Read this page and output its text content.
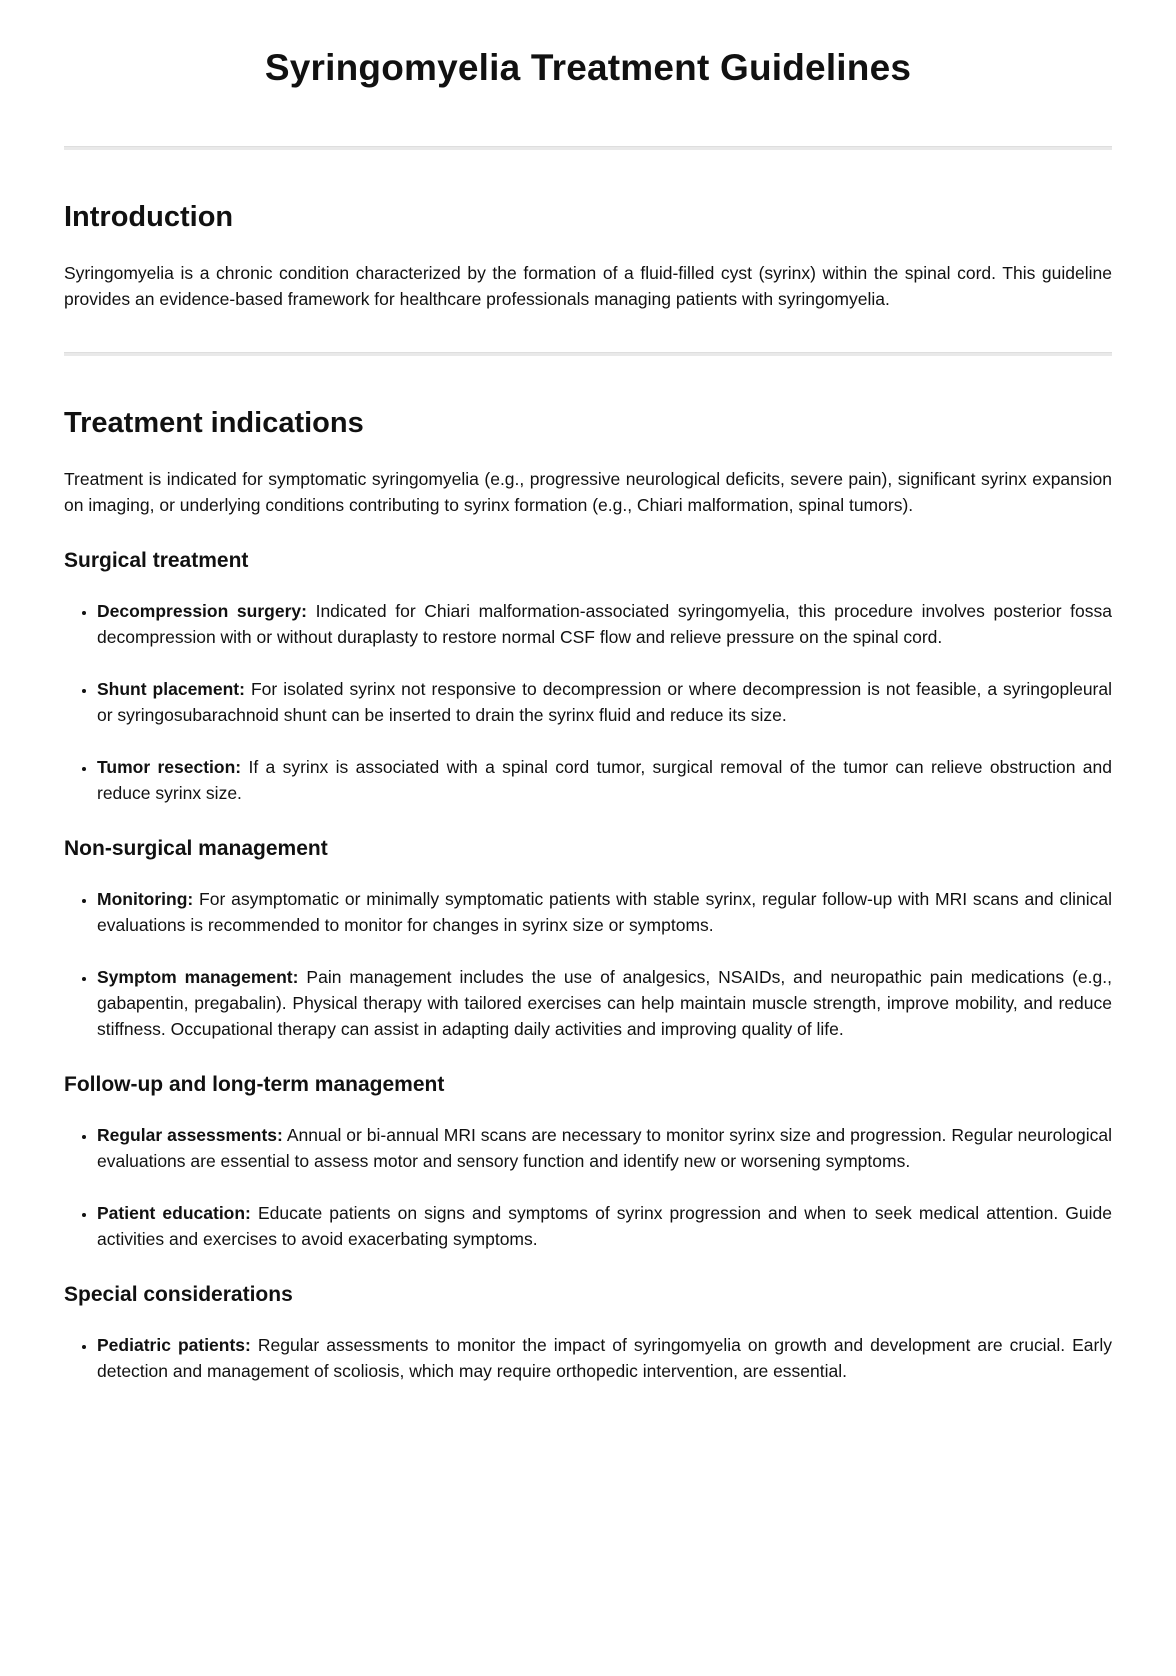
Syringomyelia Treatment Guidelines
Introduction

Syringomyelia is a chronic condition characterized by the formation of a fluid-filled cyst (syrinx) within the spinal cord. This guideline provides an evidence-based framework for healthcare professionals managing patients with syringomyelia.

Treatment indications

Treatment is indicated for symptomatic syringomyelia (e.g., progressive neurological deficits, severe pain), significant syrinx expansion on imaging, or underlying conditions contributing to syrinx formation (e.g., Chiari malformation, spinal tumors).

Surgical treatment
• Decompression surgery: Indicated for Chiari malformation-associated syringomyelia, this procedure involves posterior fossa decompression with or without duraplasty to restore normal CSF flow and relieve pressure on the spinal cord.
• Shunt placement: For isolated syrinx not responsive to decompression or where decompression is not feasible, a syringopleural or syringosubarachnoid shunt can be inserted to drain the syrinx fluid and reduce its size.
• Tumor resection: If a syrinx is associated with a spinal cord tumor, surgical removal of the tumor can relieve obstruction and reduce syrinx size.
Non-surgical management
• Monitoring: For asymptomatic or minimally symptomatic patients with stable syrinx, regular follow-up with MRI scans and clinical evaluations is recommended to monitor for changes in syrinx size or symptoms.
• Symptom management: Pain management includes the use of analgesics, NSAIDs, and neuropathic pain medications (e.g., gabapentin, pregabalin). Physical therapy with tailored exercises can help maintain muscle strength, improve mobility, and reduce stiffness. Occupational therapy can assist in adapting daily activities and improving quality of life.
Follow-up and long-term management
• Regular assessments: Annual or bi-annual MRI scans are necessary to monitor syrinx size and progression. Regular neurological evaluations are essential to assess motor and sensory function and identify new or worsening symptoms.
• Patient education: Educate patients on signs and symptoms of syrinx progression and when to seek medical attention. Guide activities and exercises to avoid exacerbating symptoms.
Special considerations
• Pediatric patients: Regular assessments to monitor the impact of syringomyelia on growth and development are crucial. Early detection and management of scoliosis, which may require orthopedic intervention, are essential.
